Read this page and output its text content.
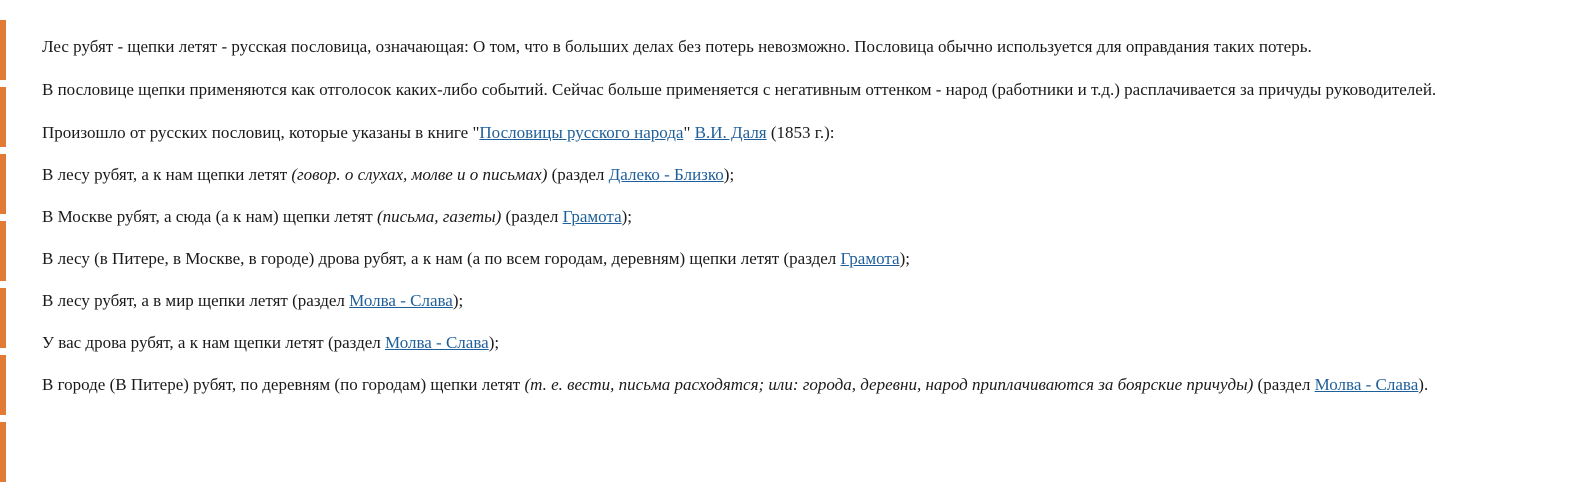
Лес рубят - щепки летят - русская пословица, означающая: О том, что в больших делах без потерь невозможно. Пословица обычно используется для оправдания таких потерь.

В пословице щепки применяются как отголосок каких-либо событий. Сейчас больше применяется с негативным оттенком - народ (работники и т.д.) расплачивается за причуды руководителей.

Произошло от русских пословиц, которые указаны в книге "Пословицы русского народа" В.И. Даля (1853 г.):

В лесу рубят, а к нам щепки летят (говор. о слухах, молве и о письмах) (раздел Далеко - Близко);

В Москве рубят, а сюда (а к нам) щепки летят (письма, газеты) (раздел Грамота);

В лесу (в Питере, в Москве, в городе) дрова рубят, а к нам (а по всем городам, деревням) щепки летят (раздел Грамота);

В лесу рубят, а в мир щепки летят (раздел Молва - Слава);

У вас дрова рубят, а к нам щепки летят (раздел Молва - Слава);

В городе (В Питере) рубят, по деревням (по городам) щепки летят (т. е. вести, письма расходятся; или: города, деревни, народ приплачиваются за боярские причуды) (раздел Молва - Слава).
